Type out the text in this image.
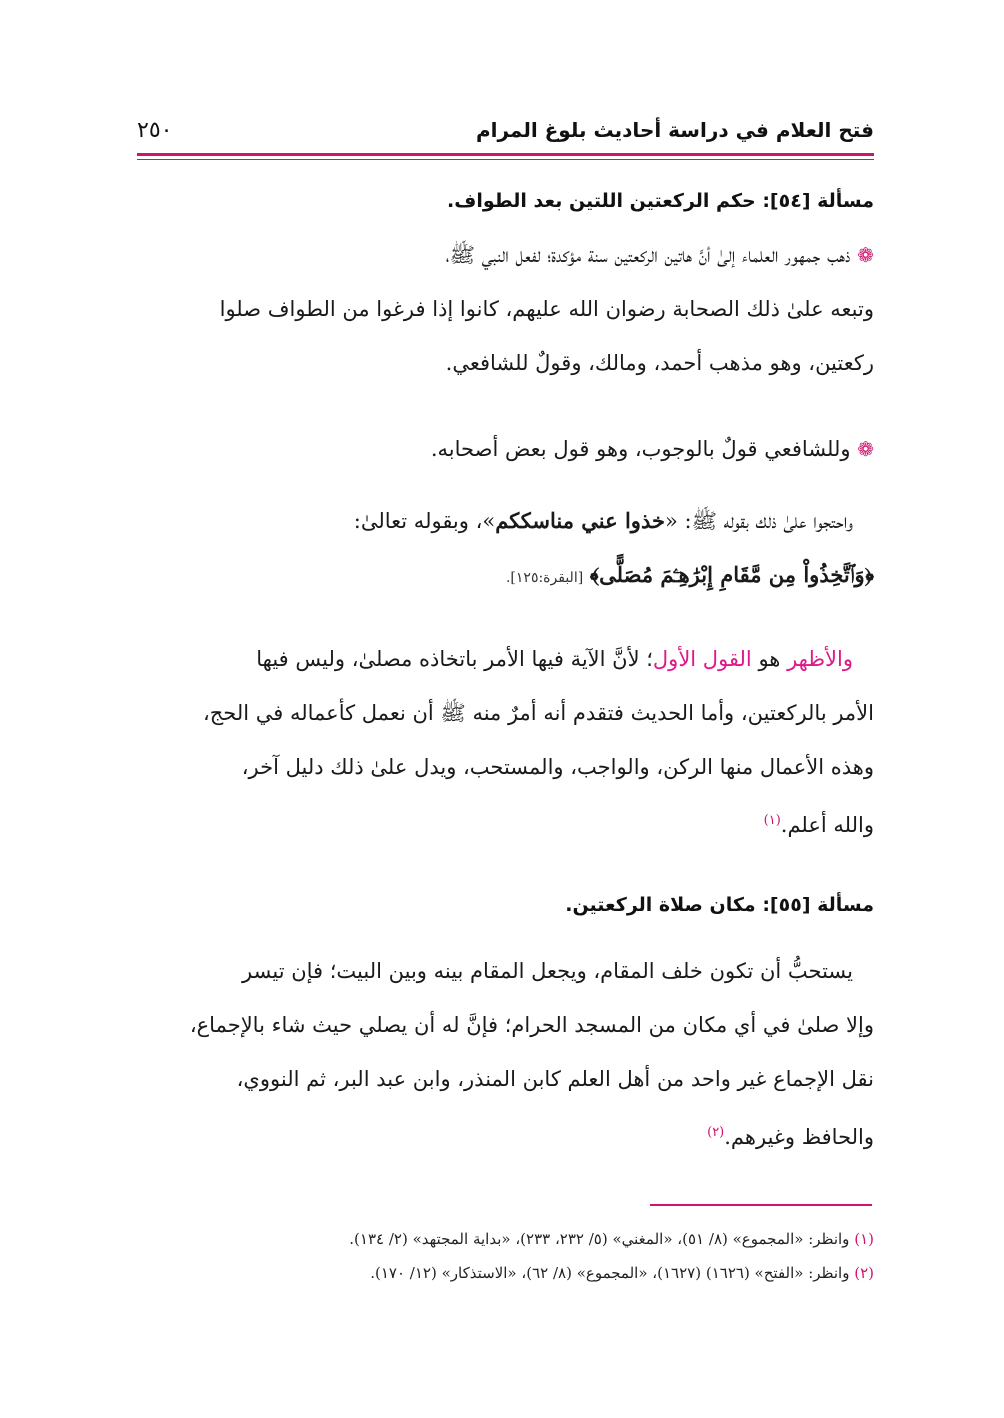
فتح العلام في دراسة أحاديث بلوغ المرام
٢٥٠
مسألة [٥٤]: حكم الركعتين اللتين بعد الطواف.
❁ ذهب جمهور العلماء إلىٰ أنَّ هاتين الركعتين سنة مؤكدة؛ لفعل النبي ﷺ،
وتبعه علىٰ ذلك الصحابة رضوان الله عليهم، كانوا إذا فرغوا من الطواف صلوا
ركعتين، وهو مذهب أحمد، ومالك، وقولٌ للشافعي.
❁ وللشافعي قولٌ بالوجوب، وهو قول بعض أصحابه.
 واحتجوا علىٰ ذلك بقوله ﷺ: «خذوا عني مناسككم»، وبقوله تعالىٰ:
﴿وَٱتَّخِذُواْ مِن مَّقَامِ إِبْرَٰهِـۧمَ مُصَلًّى﴾ [البقرة:١٢٥].
 والأظهر هو القول الأول؛ لأنَّ الآية فيها الأمر باتخاذه مصلىٰ، وليس فيها
الأمر بالركعتين، وأما الحديث فتقدم أنه أمرٌ منه ﷺ أن نعمل كأعماله في الحج،
وهذه الأعمال منها الركن، والواجب، والمستحب، ويدل علىٰ ذلك دليل آخر،
والله أعلم.$^{(١)}$
مسألة [٥٥]: مكان صلاة الركعتين.
 يستحبُّ أن تكون خلف المقام، ويجعل المقام بينه وبين البيت؛ فإن تيسر
وإلا صلىٰ في أي مكان من المسجد الحرام؛ فإنَّ له أن يصلي حيث شاء بالإجماع،
نقل الإجماع غير واحد من أهل العلم كابن المنذر، وابن عبد البر، ثم النووي،
والحافظ وغيرهم.$^{(٢)}$
(١) وانظر: «المجموع» (٨/ ٥١)، «المغني» (٥/ ٢٣٢، ٢٣٣)، «بداية المجتهد» (٢/ ١٣٤).
(٢) وانظر: «الفتح» (١٦٢٦) (١٦٢٧)، «المجموع» (٨/ ٦٢)، «الاستذكار» (١٢/ ١٧٠).
